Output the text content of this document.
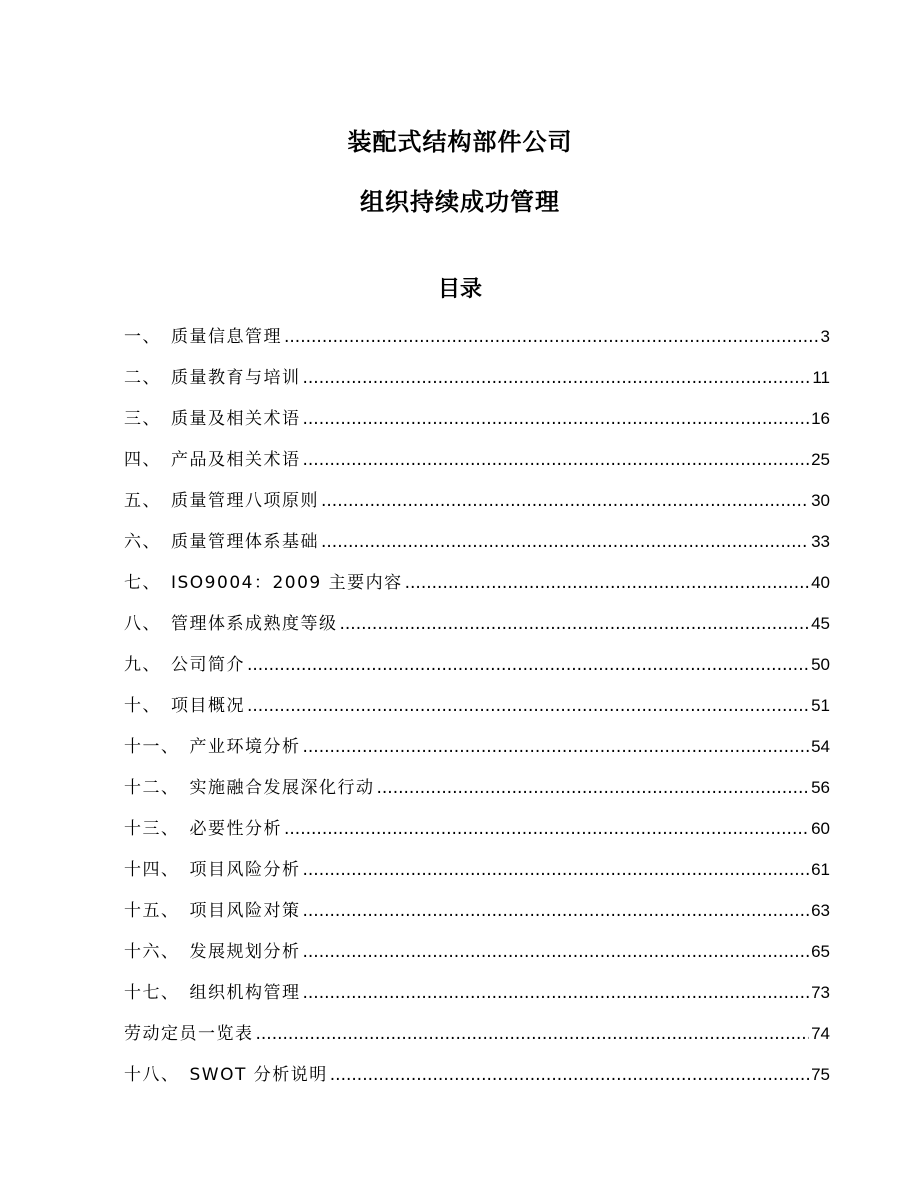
装配式结构部件公司
组织持续成功管理
目录
一、 质量信息管理 .....	3
二、 质量教育与培训 .....	11
三、 质量及相关术语 .....	16
四、 产品及相关术语 .....	25
五、 质量管理八项原则 .....	30
六、 质量管理体系基础 .....	33
七、 ISO9004：2009 主要内容 .....	40
八、 管理体系成熟度等级 .....	45
九、 公司简介 .....	50
十、 项目概况 .....	51
十一、 产业环境分析 .....	54
十二、 实施融合发展深化行动 .....	56
十三、 必要性分析 .....	60
十四、 项目风险分析 .....	61
十五、 项目风险对策 .....	63
十六、 发展规划分析 .....	65
十七、 组织机构管理 .....	73
劳动定员一览表 .....	74
十八、 SWOT 分析说明 .....	75
